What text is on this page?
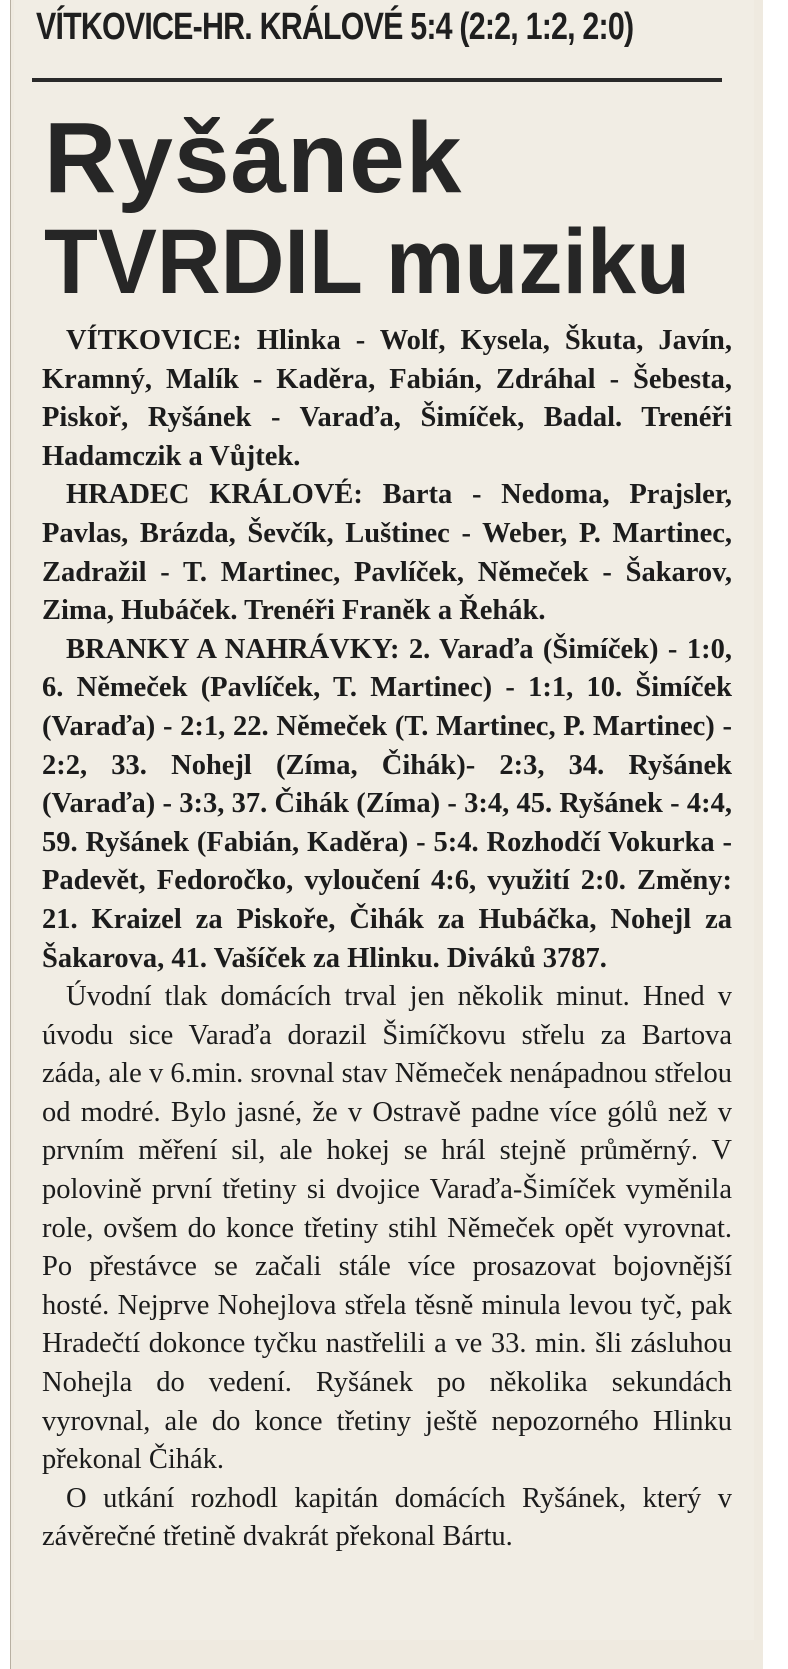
VÍTKOVICE-HR. KRÁLOVÉ 5:4 (2:2, 1:2, 2:0)
Ryšánek
TVRDIL muziku

VÍTKOVICE: Hlinka - Wolf, Kysela, Škuta, Javín, Kramný, Malík - Kaděra, Fabián, Zdráhal - Šebesta, Piskoř, Ryšánek - Varaďa, Šimíček, Badal. Trenéři Hadamczik a Vůjtek.

HRADEC KRÁLOVÉ: Barta - Nedoma, Prajsler, Pavlas, Brázda, Ševčík, Luštinec - Weber, P. Martinec, Zadražil - T. Martinec, Pavlíček, Němeček - Šakarov, Zima, Hubáček. Trenéři Franěk a Řehák.

BRANKY A NAHRÁVKY: 2. Varaďa (Šimíček) - 1:0, 6. Němeček (Pavlíček, T. Martinec) - 1:1, 10. Šimíček (Varaďa) - 2:1, 22. Němeček (T. Martinec, P. Martinec) - 2:2, 33. Nohejl (Zíma, Čihák)- 2:3, 34. Ryšánek (Varaďa) - 3:3, 37. Čihák (Zíma) - 3:4, 45. Ryšánek - 4:4, 59. Ryšánek (Fabián, Kaděra) - 5:4. Rozhodčí Vokurka - Padevět, Fedoročko, vyloučení 4:6, využití 2:0. Změny: 21. Kraizel za Piskoře, Čihák za Hubáčka, Nohejl za Šakarova, 41. Vašíček za Hlinku. Diváků 3787.

Úvodní tlak domácích trval jen několik minut. Hned v úvodu sice Varaďa dorazil Šimíčkovu střelu za Bartova záda, ale v 6.min. srovnal stav Němeček nenápadnou střelou od modré. Bylo jasné, že v Ostravě padne více gólů než v prvním měření sil, ale hokej se hrál stejně průměrný. V polovině první třetiny si dvojice Varaďa-Šimíček vyměnila role, ovšem do konce třetiny stihl Němeček opět vyrovnat. Po přestávce se začali stále více prosazovat bojovnější hosté. Nejprve Nohejlova střela těsně minula levou tyč, pak Hradečtí dokonce tyčku nastřelili a ve 33. min. šli zásluhou Nohejla do vedení. Ryšánek po několika sekundách vyrovnal, ale do konce třetiny ještě nepozorného Hlinku překonal Čihák.

O utkání rozhodl kapitán domácích Ryšánek, který v závěrečné třetině dvakrát překonal Bártu.
